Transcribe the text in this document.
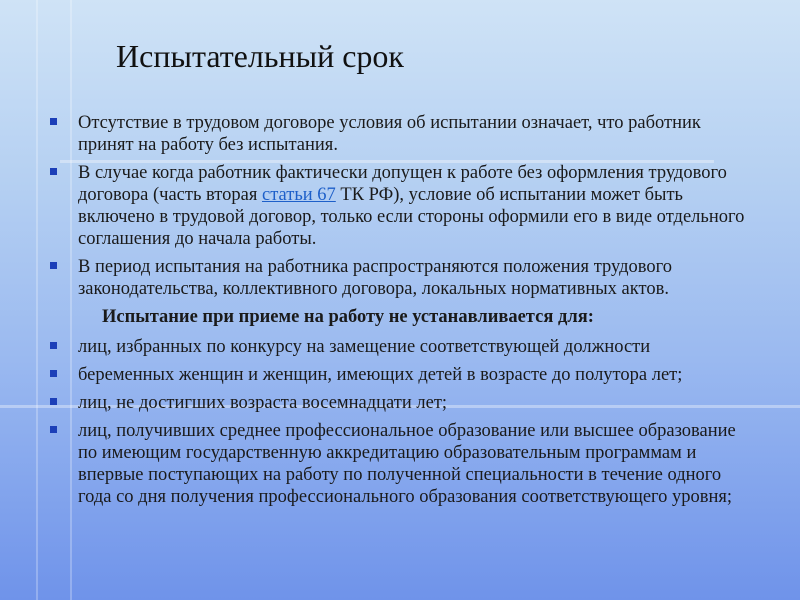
Испытательный срок
Отсутствие в трудовом договоре условия об испытании означает, что работник принят на работу без испытания.
В случае когда работник фактически допущен к работе без оформления трудового договора (часть вторая статьи 67 ТК РФ), условие об испытании может быть включено в трудовой договор, только если стороны оформили его в виде отдельного соглашения до начала работы.
В период испытания на работника распространяются положения трудового законодательства, коллективного договора, локальных нормативных актов.
Испытание при приеме на работу не устанавливается для:
лиц, избранных по конкурсу на замещение соответствующей должности
беременных женщин и женщин, имеющих детей в возрасте до полутора лет;
лиц, не достигших возраста восемнадцати лет;
лиц, получивших среднее профессиональное образование или высшее образование по имеющим государственную аккредитацию образовательным программам и впервые поступающих на работу по полученной специальности в течение одного года со дня получения профессионального образования соответствующего уровня;
